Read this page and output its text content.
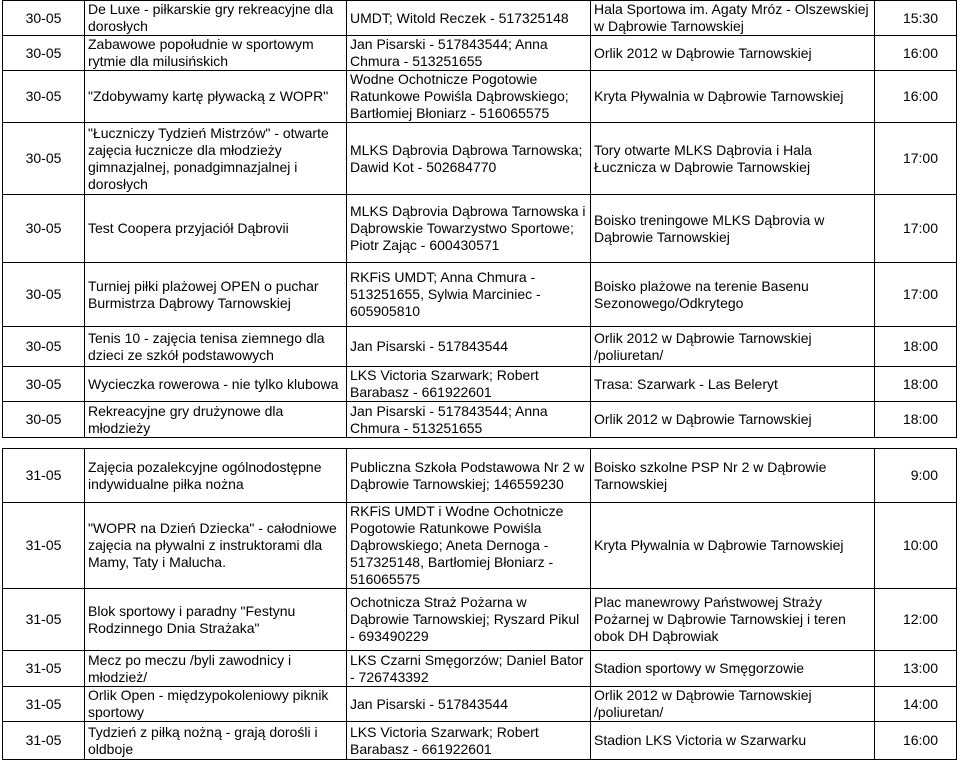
30-05	De Luxe - piłkarskie gry rekreacyjne dla dorosłych	UMDT; Witold Reczek - 517325148	Hala Sportowa im. Agaty Mróz - Olszewskiej w Dąbrowie Tarnowskiej	15:30
30-05	Zabawowe popołudnie w sportowym rytmie dla milusińskich	Jan Pisarski - 517843544; Anna Chmura - 513251655	Orlik 2012 w Dąbrowie Tarnowskiej	16:00
30-05	"Zdobywamy kartę pływacką z WOPR"	Wodne Ochotnicze Pogotowie Ratunkowe Powiśla Dąbrowskiego; Bartłomiej Błoniarz - 516065575	Kryta Pływalnia w Dąbrowie Tarnowskiej	16:00
30-05	"Łuczniczy Tydzień Mistrzów" - otwarte zajęcia łucznicze dla młodzieży gimnazjalnej, ponadgimnazjalnej i dorosłych	MLKS Dąbrovia Dąbrowa Tarnowska; Dawid Kot - 502684770	Tory otwarte MLKS Dąbrovia i Hala Łucznicza w Dąbrowie Tarnowskiej	17:00
30-05	Test Coopera przyjaciół Dąbrovii	MLKS Dąbrovia Dąbrowa Tarnowska i Dąbrowskie Towarzystwo Sportowe; Piotr Zając - 600430571	Boisko treningowe MLKS Dąbrovia w Dąbrowie Tarnowskiej	17:00
30-05	Turniej piłki plażowej OPEN o puchar Burmistrza Dąbrowy Tarnowskiej	RKFiS UMDT; Anna Chmura - 513251655, Sylwia Marciniec - 605905810	Boisko plażowe na terenie Basenu Sezonowego/Odkrytego	17:00
30-05	Tenis 10 - zajęcia tenisa ziemnego dla dzieci ze szkół podstawowych	Jan Pisarski - 517843544	Orlik 2012 w Dąbrowie Tarnowskiej /poliuretan/	18:00
30-05	Wycieczka rowerowa - nie tylko klubowa	LKS Victoria Szarwark; Robert Barabasz - 661922601	Trasa: Szarwark - Las Beleryt	18:00
30-05	Rekreacyjne gry drużynowe dla młodzieży	Jan Pisarski - 517843544; Anna Chmura - 513251655	Orlik 2012 w Dąbrowie Tarnowskiej	18:00
31-05	Zajęcia pozalekcyjne ogólnodostępne indywidualne piłka nożna	Publiczna Szkoła Podstawowa Nr 2 w Dąbrowie Tarnowskiej; 146559230	Boisko szkolne PSP Nr 2 w Dąbrowie Tarnowskiej	9:00
31-05	"WOPR na Dzień Dziecka" - całodniowe zajęcia na pływalni z instruktorami dla Mamy, Taty i Malucha.	RKFiS UMDT i Wodne Ochotnicze Pogotowie Ratunkowe Powiśla Dąbrowskiego; Aneta Dernoga - 517325148, Bartłomiej Błoniarz - 516065575	Kryta Pływalnia w Dąbrowie Tarnowskiej	10:00
31-05	Blok sportowy i paradny "Festynu Rodzinnego Dnia Strażaka"	Ochotnicza Straż Pożarna w Dąbrowie Tarnowskiej; Ryszard Pikul - 693490229	Plac manewrowy Państwowej Straży Pożarnej w Dąbrowie Tarnowskiej i teren obok DH Dąbrowiak	12:00
31-05	Mecz po meczu /byli zawodnicy i młodzież/	LKS Czarni Smęgorzów; Daniel Bator - 726743392	Stadion sportowy w Smęgorzowie	13:00
31-05	Orlik Open - międzypokoleniowy piknik sportowy	Jan Pisarski - 517843544	Orlik 2012 w Dąbrowie Tarnowskiej /poliuretan/	14:00
31-05	Tydzień z piłką nożną - grają dorośli i oldboje	LKS Victoria Szarwark; Robert Barabasz - 661922601	Stadion LKS Victoria w Szarwarku	16:00
